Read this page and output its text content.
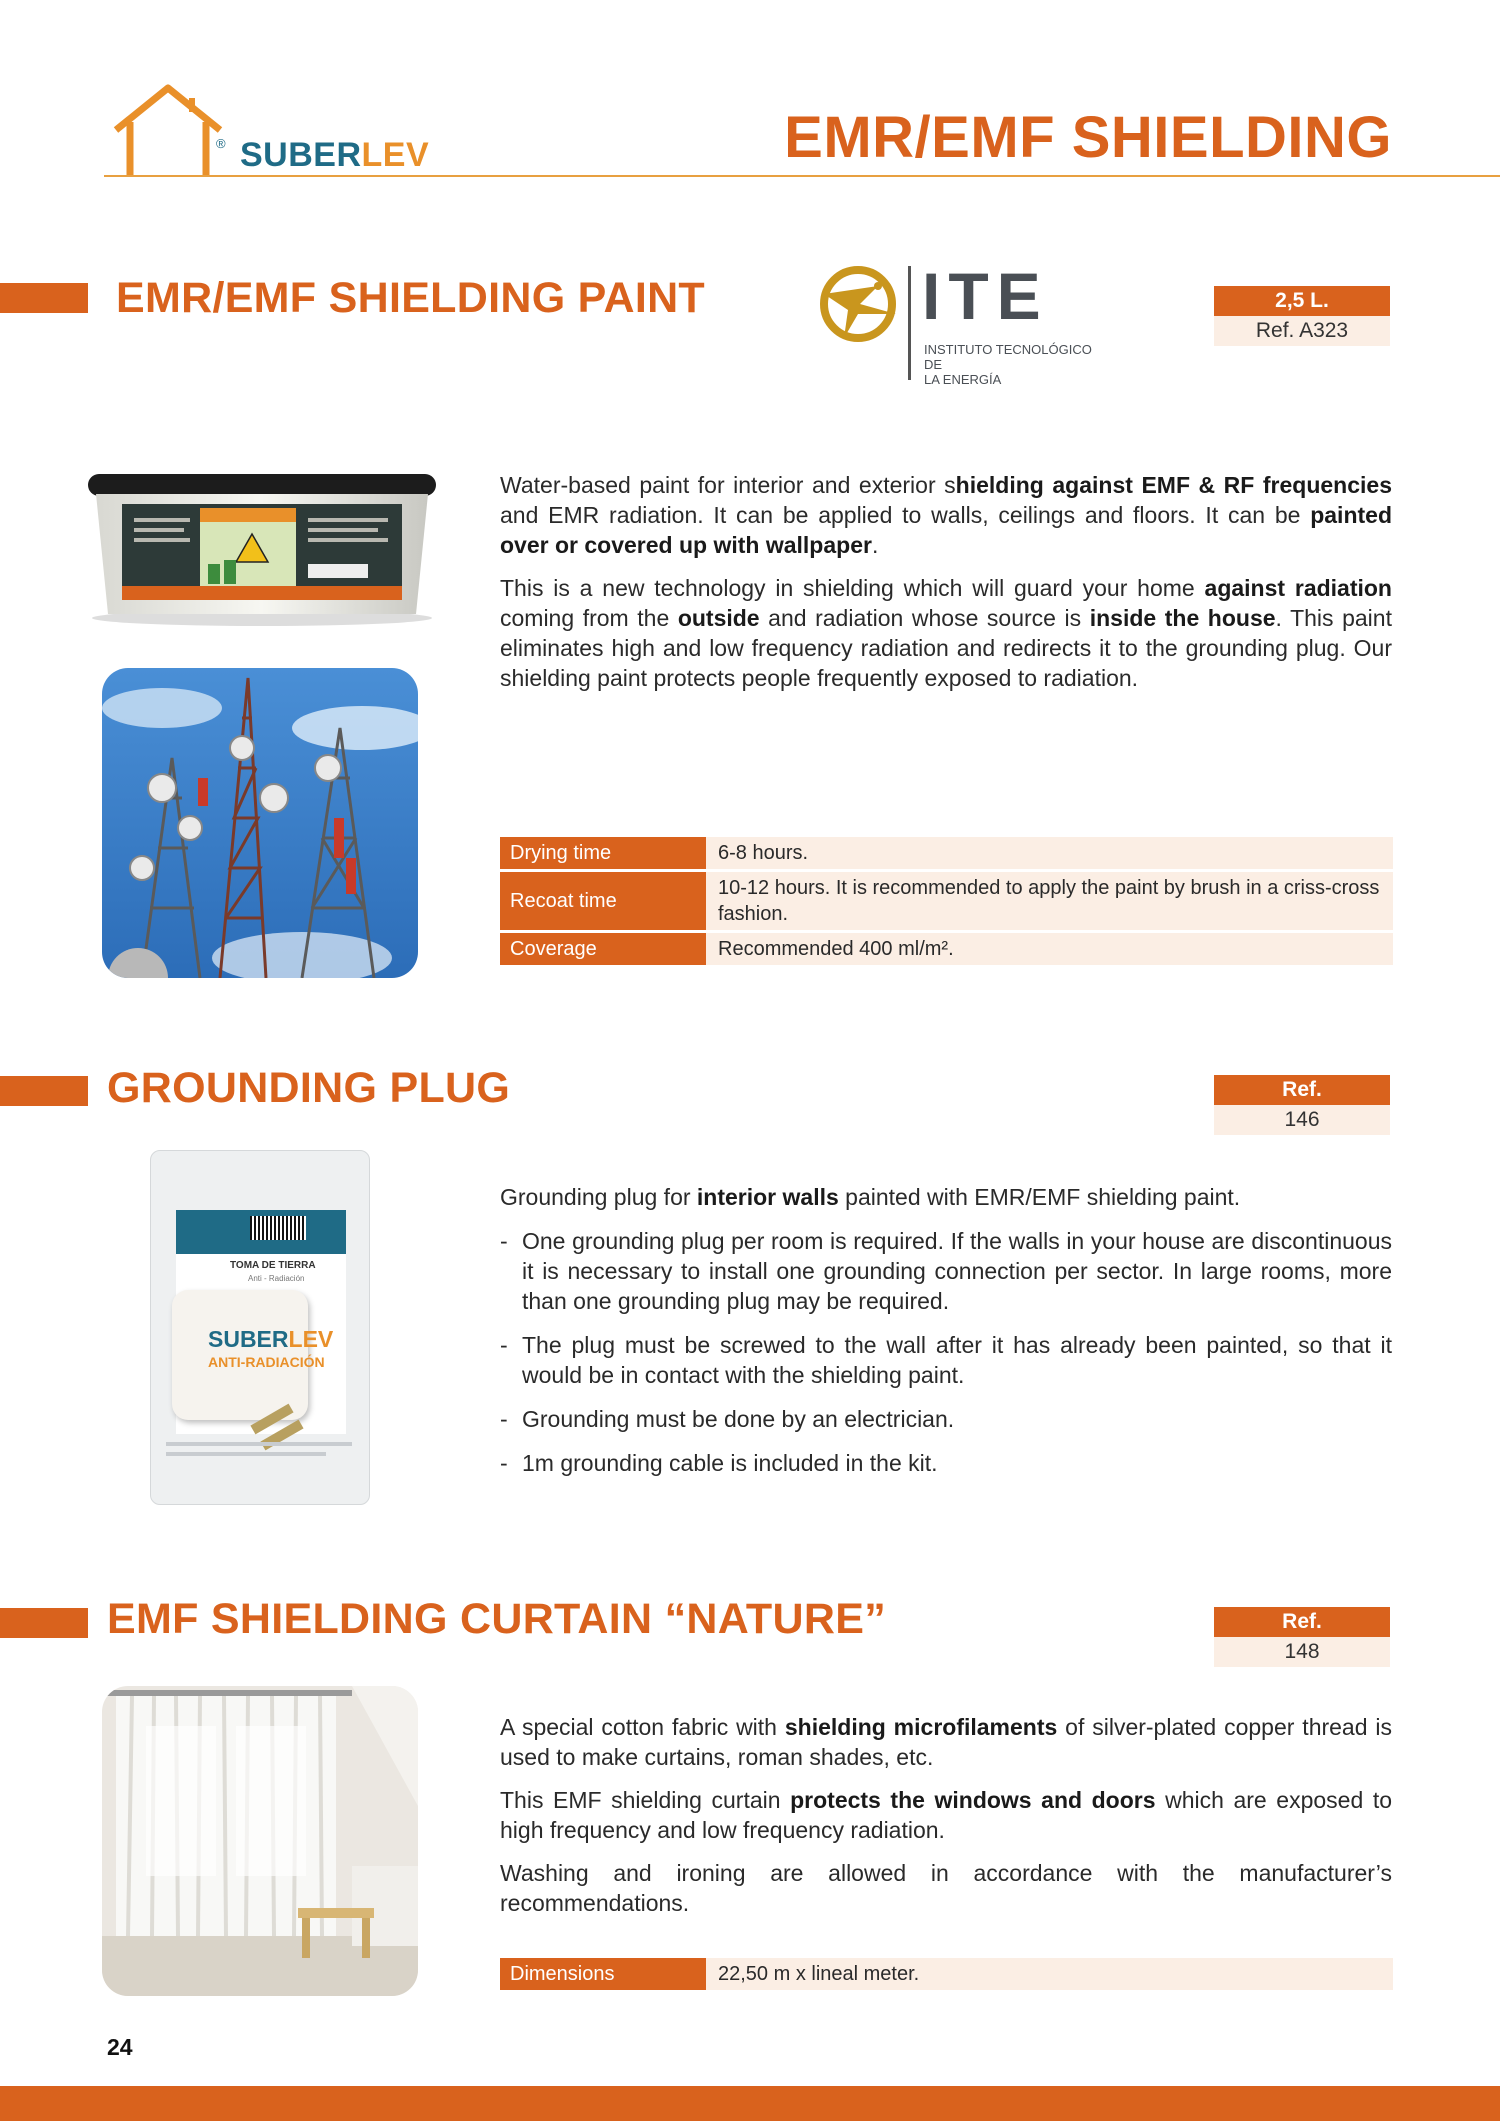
® SUBERLEV	EMR/EMF SHIELDING
EMR/EMF SHIELDING PAINT	ITE
INSTITUTO TECNOLÓGICO DE
LA ENERGÍA
2,5 L.
Ref. A323

Water-based paint for interior and exterior shielding against EMF & RF frequencies and EMR radiation. It can be applied to walls, ceilings and floors. It can be painted over or covered up with wallpaper.

This is a new technology in shielding which will guard your home against radiation coming from the outside and radiation whose source is inside the house. This paint eliminates high and low frequency radiation and redirects it to the grounding plug. Our shielding paint protects people frequently exposed to radiation.

Drying time	6-8 hours.
Recoat time	10-12 hours. It is recommended to apply the paint by brush in a criss-cross fashion.
Coverage	Recommended 400 ml/m².
GROUNDING PLUG	Ref.
146
TOMA DE TIERRA
Anti - Radiación
SUBERLEV
ANTI-RADIACIÓN

Grounding plug for interior walls painted with EMR/EMF shielding paint.

- One grounding plug per room is required. If the walls in your house are discontinuous it is necessary to install one grounding connection per sector. In large rooms, more than one grounding plug may be required.
- The plug must be screwed to the wall after it has already been painted, so that it would be in contact with the shielding paint.
- Grounding must be done by an electrician.
- 1m grounding cable is included in the kit.
EMF SHIELDING CURTAIN “NATURE”	Ref.
148

A special cotton fabric with shielding microfilaments of silver-plated copper thread is used to make curtains, roman shades, etc.

This EMF shielding curtain protects the windows and doors which are exposed to high frequency and low frequency radiation.

Washing and ironing are allowed in accordance with the manufacturer’s recommendations.

Dimensions	22,50 m x lineal meter.
24
